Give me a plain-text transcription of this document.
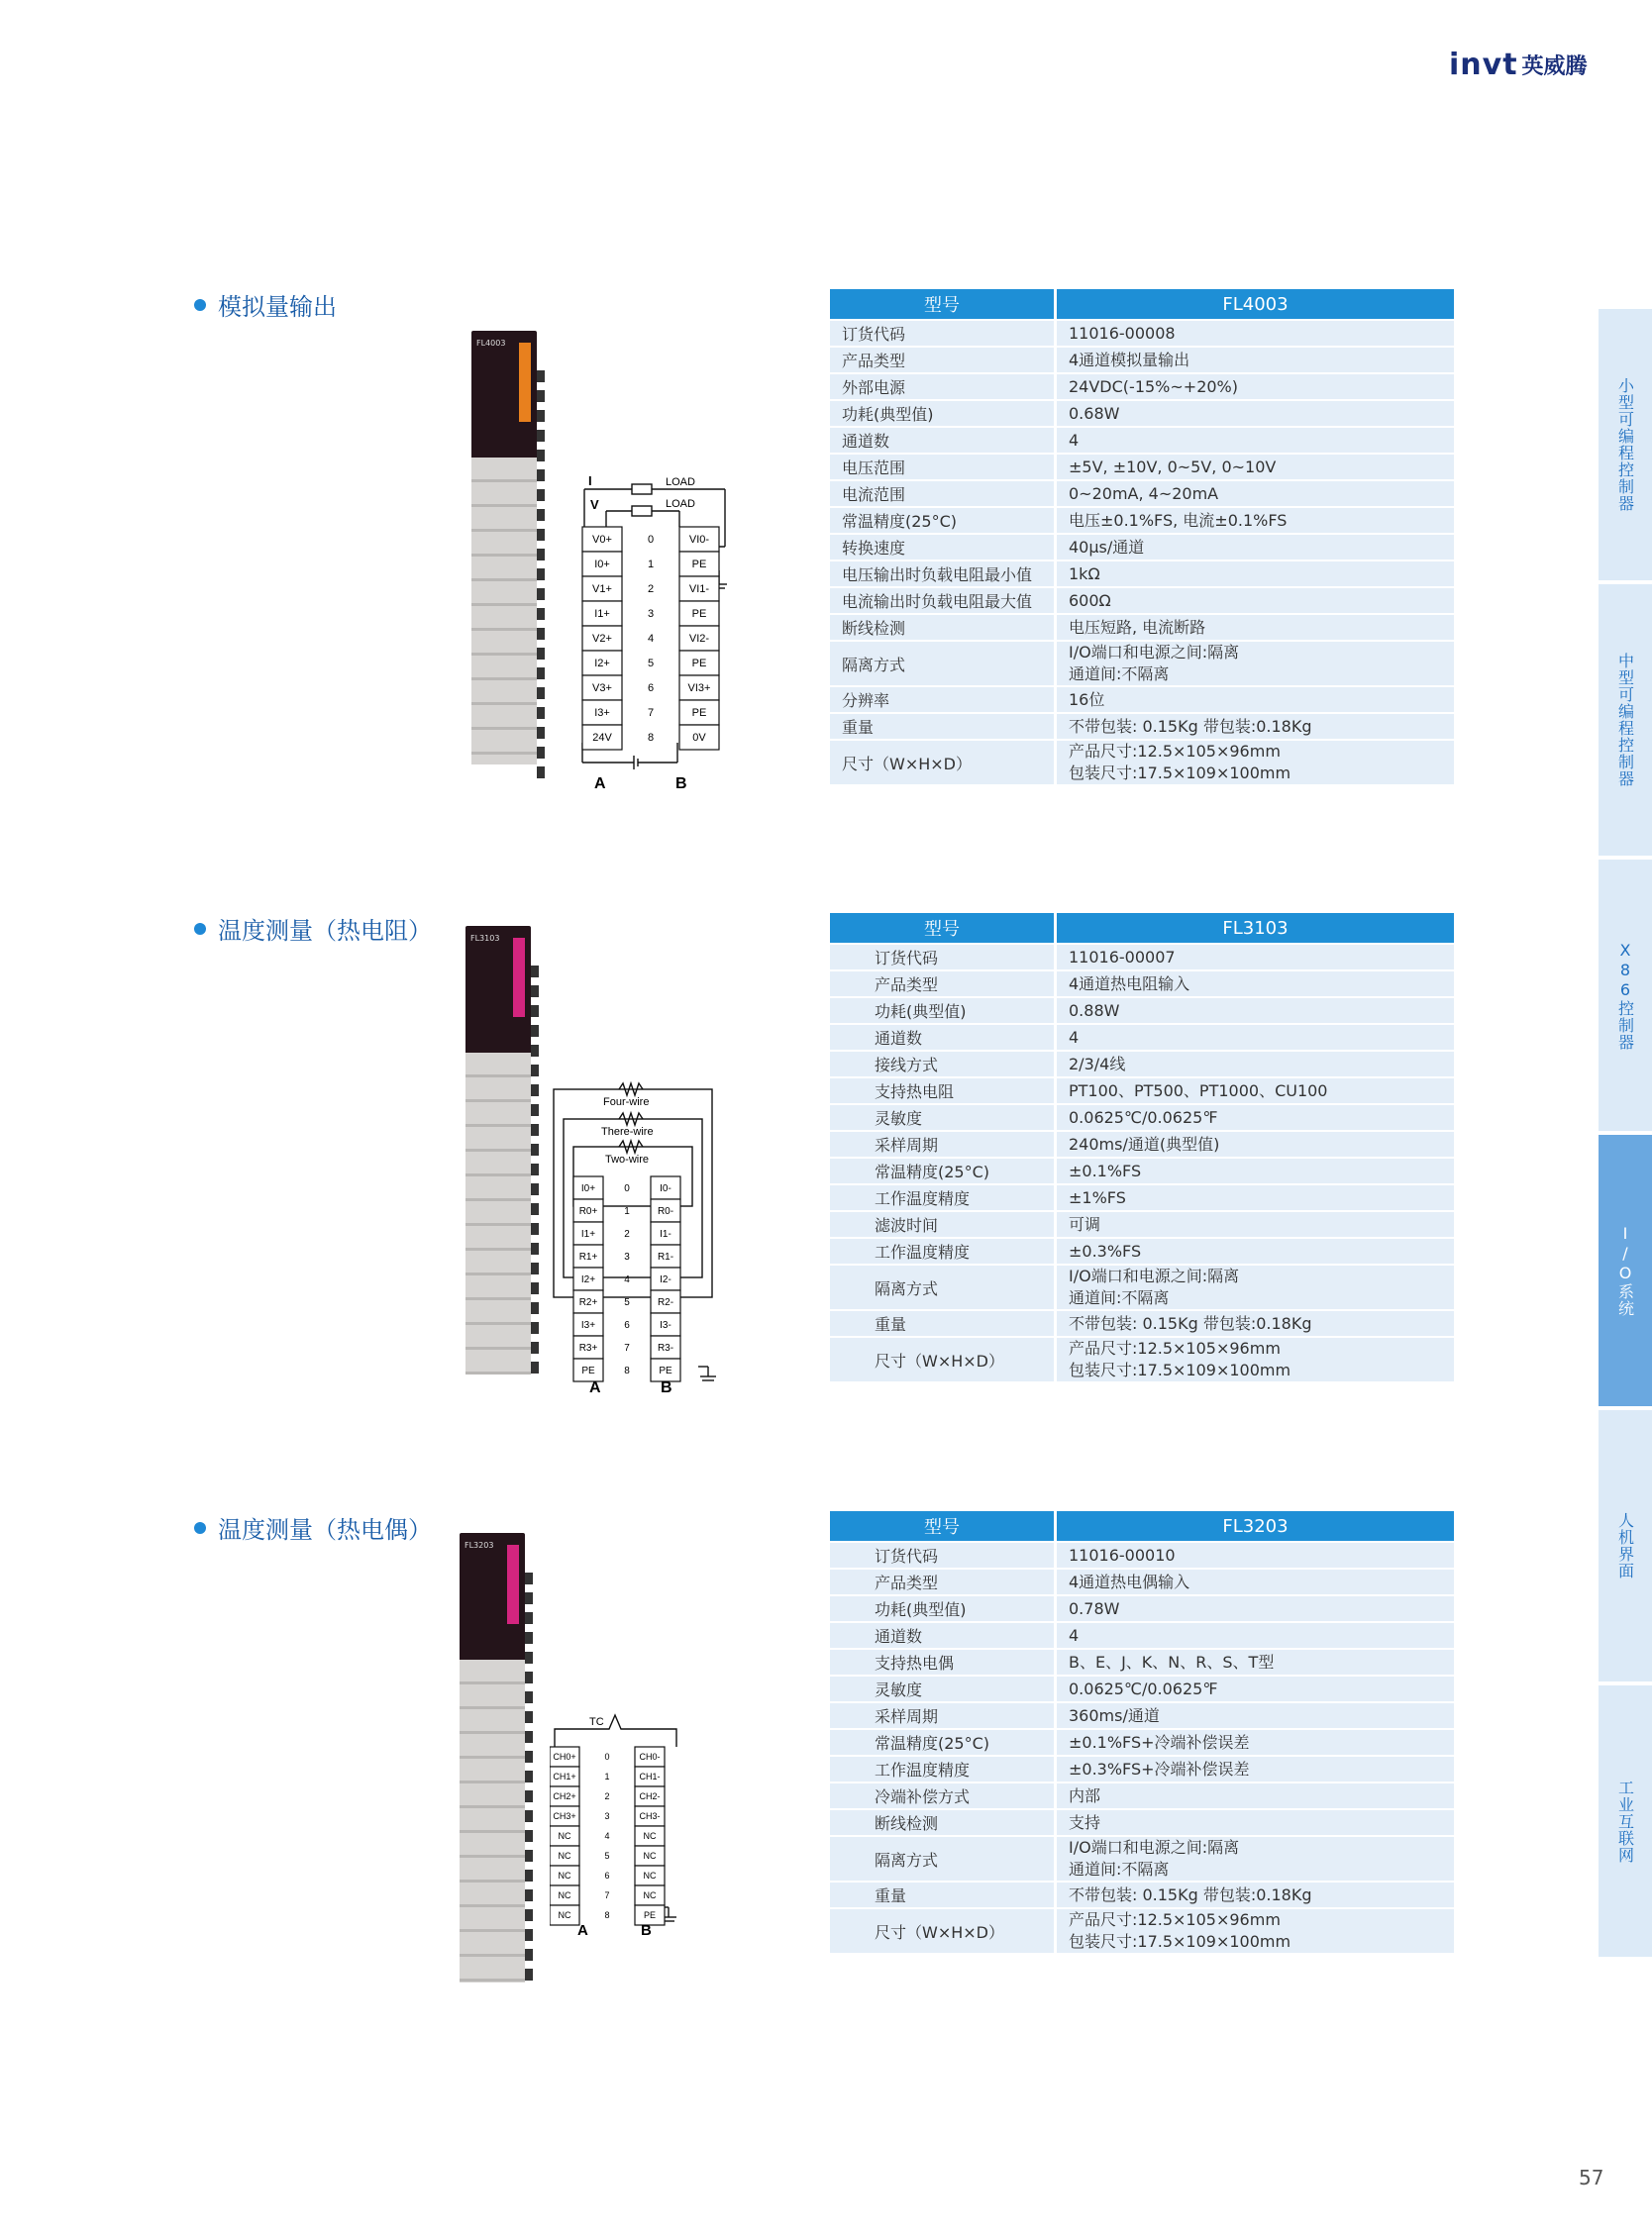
invt 英威腾
模拟量输出
温度测量（热电阻）
温度测量（热电偶）
FL4003
FL3103
FL3203
V0+	VI0-
0
I0+	PE
1
V1+	VI1-
2
I1+	PE
3
V2+	VI2-
4
I2+	PE
5
V3+	VI3+
6
I3+	PE
7
24V	0V
8
I
V
LOAD
LOAD
A	B
I0+	I0-
0
R0+	R0-
1
I1+	I1-
2
R1+	R1-
3
I2+	I2-
4
R2+	R2-
5
I3+	I3-
6
R3+	R3-
7
PE	PE
8
Four-wire
There-wire
Two-wire
A	B
CH0+	CH0-
0
CH1+	CH1-
1
CH2+	CH2-
2
CH3+	CH3-
3
NC	NC
4
NC	NC
5
NC	NC
6
NC	NC
7
NC	PE
8
TC
A	B
型号	FL4003
订货代码	11016-00008
产品类型	4通道模拟量输出
外部电源	24VDC(-15%~+20%)
功耗(典型值)	0.68W
通道数	4
电压范围	±5V, ±10V, 0~5V, 0~10V
电流范围	0~20mA, 4~20mA
常温精度(25°C)	电压±0.1%FS, 电流±0.1%FS
转换速度	40μs/通道
电压输出时负载电阻最小值	1kΩ
电流输出时负载电阻最大值	600Ω
断线检测	电压短路, 电流断路
隔离方式	I/O端口和电源之间:隔离
通道间:不隔离
分辨率	16位
重量	不带包装: 0.15Kg 带包装:0.18Kg
尺寸（W×H×D）	产品尺寸:12.5×105×96mm
包装尺寸:17.5×109×100mm
型号	FL3103
订货代码	11016-00007
产品类型	4通道热电阻输入
功耗(典型值)	0.88W
通道数	4
接线方式	2/3/4线
支持热电阻	PT100、PT500、PT1000、CU100
灵敏度	0.0625℃/0.0625℉
采样周期	240ms/通道(典型值)
常温精度(25°C)	±0.1%FS
工作温度精度	±1%FS
滤波时间	可调
工作温度精度	±0.3%FS
隔离方式	I/O端口和电源之间:隔离
通道间:不隔离
重量	不带包装: 0.15Kg 带包装:0.18Kg
尺寸（W×H×D）	产品尺寸:12.5×105×96mm
包装尺寸:17.5×109×100mm
型号	FL3203
订货代码	11016-00010
产品类型	4通道热电偶输入
功耗(典型值)	0.78W
通道数	4
支持热电偶	B、E、J、K、N、R、S、T型
灵敏度	0.0625℃/0.0625℉
采样周期	360ms/通道
常温精度(25°C)	±0.1%FS+冷端补偿误差
工作温度精度	±0.3%FS+冷端补偿误差
冷端补偿方式	内部
断线检测	支持
隔离方式	I/O端口和电源之间:隔离
通道间:不隔离
重量	不带包装: 0.15Kg 带包装:0.18Kg
尺寸（W×H×D）	产品尺寸:12.5×105×96mm
包装尺寸:17.5×109×100mm
小型可编程控制器
中型可编程控制器
X86控制器
I/O系统
人机界面
工业互联网
57
